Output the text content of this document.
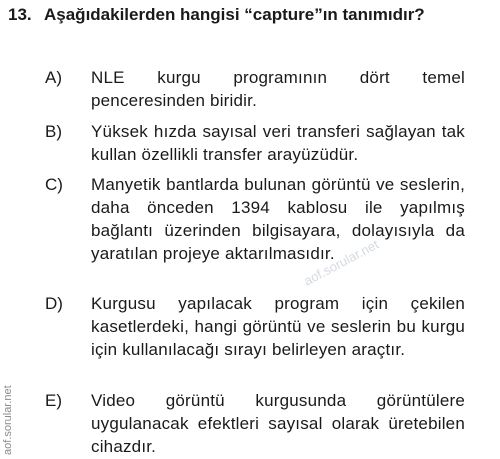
aof.sorular.net
aof.sorular.net
13. Aşağıdakilerden hangisi “capture”ın tanımıdır?
A) NLE kurgu programının dört temel penceresinden biridir.
B) Yüksek hızda sayısal veri transferi sağlayan tak kullan özellikli transfer arayüzüdür.
C) Manyetik bantlarda bulunan görüntü ve seslerin, daha önceden 1394 kablosu ile yapılmış bağlantı üzerinden bilgisayara, dolayısıyla da yaratılan projeye aktarılmasıdır.
D) Kurgusu yapılacak program için çekilen kasetlerdeki, hangi görüntü ve seslerin bu kurgu için kullanılacağı sırayı belirleyen araçtır.
E) Video görüntü kurgusunda görüntülere uygulanacak efektleri sayısal olarak üretebilen cihazdır.
